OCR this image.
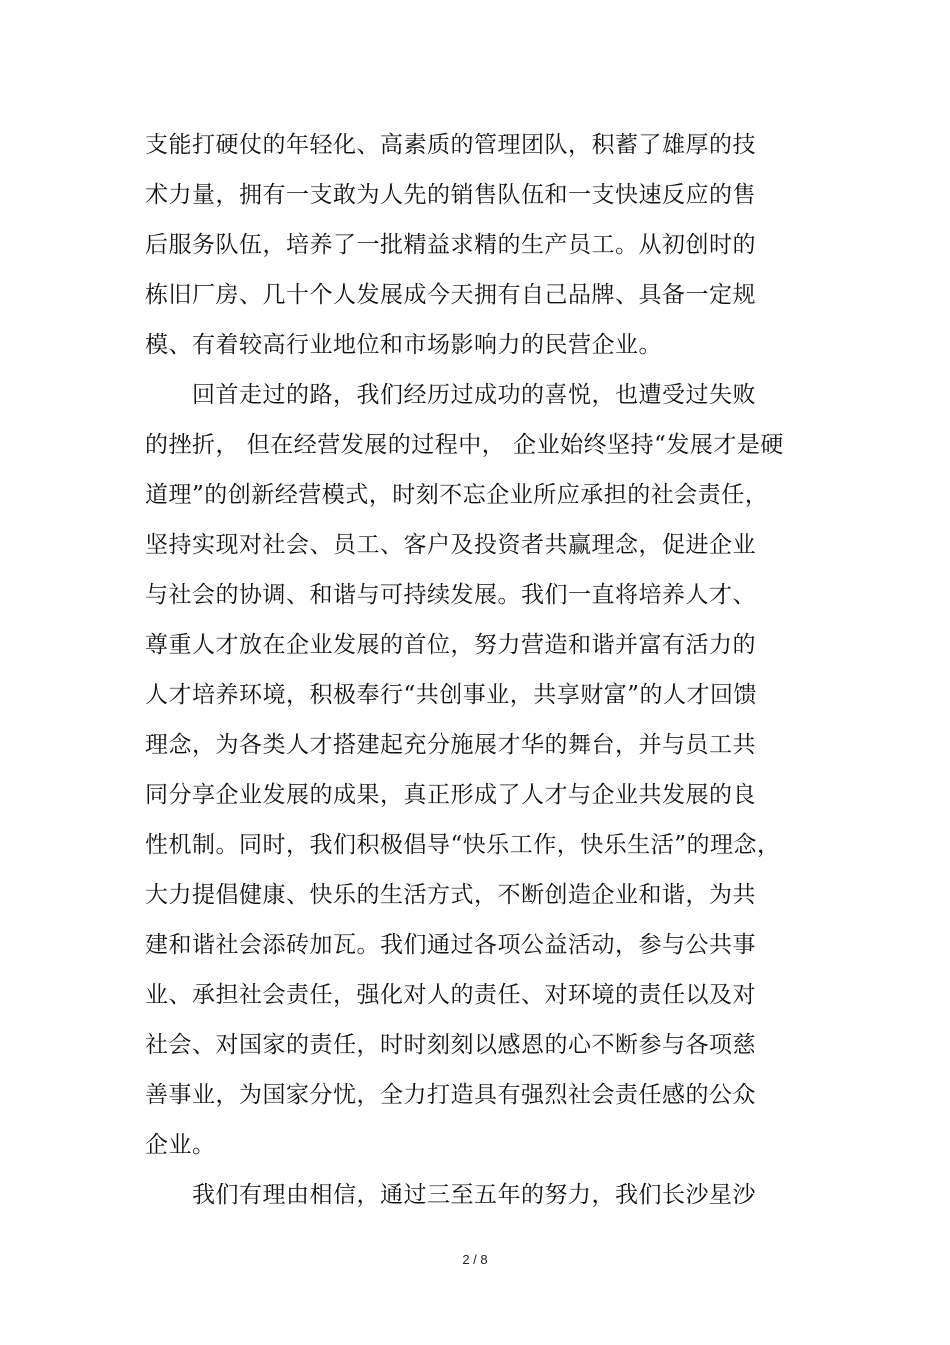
支能打硬仗的年轻化、高素质的管理团队，积蓄了雄厚的技
术力量，拥有一支敢为人先的销售队伍和一支快速反应的售
后服务队伍，培养了一批精益求精的生产员工。从初创时的
栋旧厂房、几十个人发展成今天拥有自己品牌、具备一定规
模、有着较高行业地位和市场影响力的民营企业。
　　回首走过的路，我们经历过成功的喜悦，也遭受过失败
的挫折， 但在经营发展的过程中， 企业始终坚持“发展才是硬
道理”的创新经营模式，时刻不忘企业所应承担的社会责任，
坚持实现对社会、员工、客户及投资者共赢理念，促进企业
与社会的协调、和谐与可持续发展。我们一直将培养人才、
尊重人才放在企业发展的首位，努力营造和谐并富有活力的
人才培养环境，积极奉行“共创事业，共享财富”的人才回馈
理念，为各类人才搭建起充分施展才华的舞台，并与员工共
同分享企业发展的成果，真正形成了人才与企业共发展的良
性机制。同时，我们积极倡导“快乐工作，快乐生活”的理念，
大力提倡健康、快乐的生活方式，不断创造企业和谐，为共
建和谐社会添砖加瓦。我们通过各项公益活动，参与公共事
业、承担社会责任，强化对人的责任、对环境的责任以及对
社会、对国家的责任，时时刻刻以感恩的心不断参与各项慈
善事业，为国家分忧，全力打造具有强烈社会责任感的公众
企业。
　　我们有理由相信，通过三至五年的努力，我们长沙星沙
2 / 8
